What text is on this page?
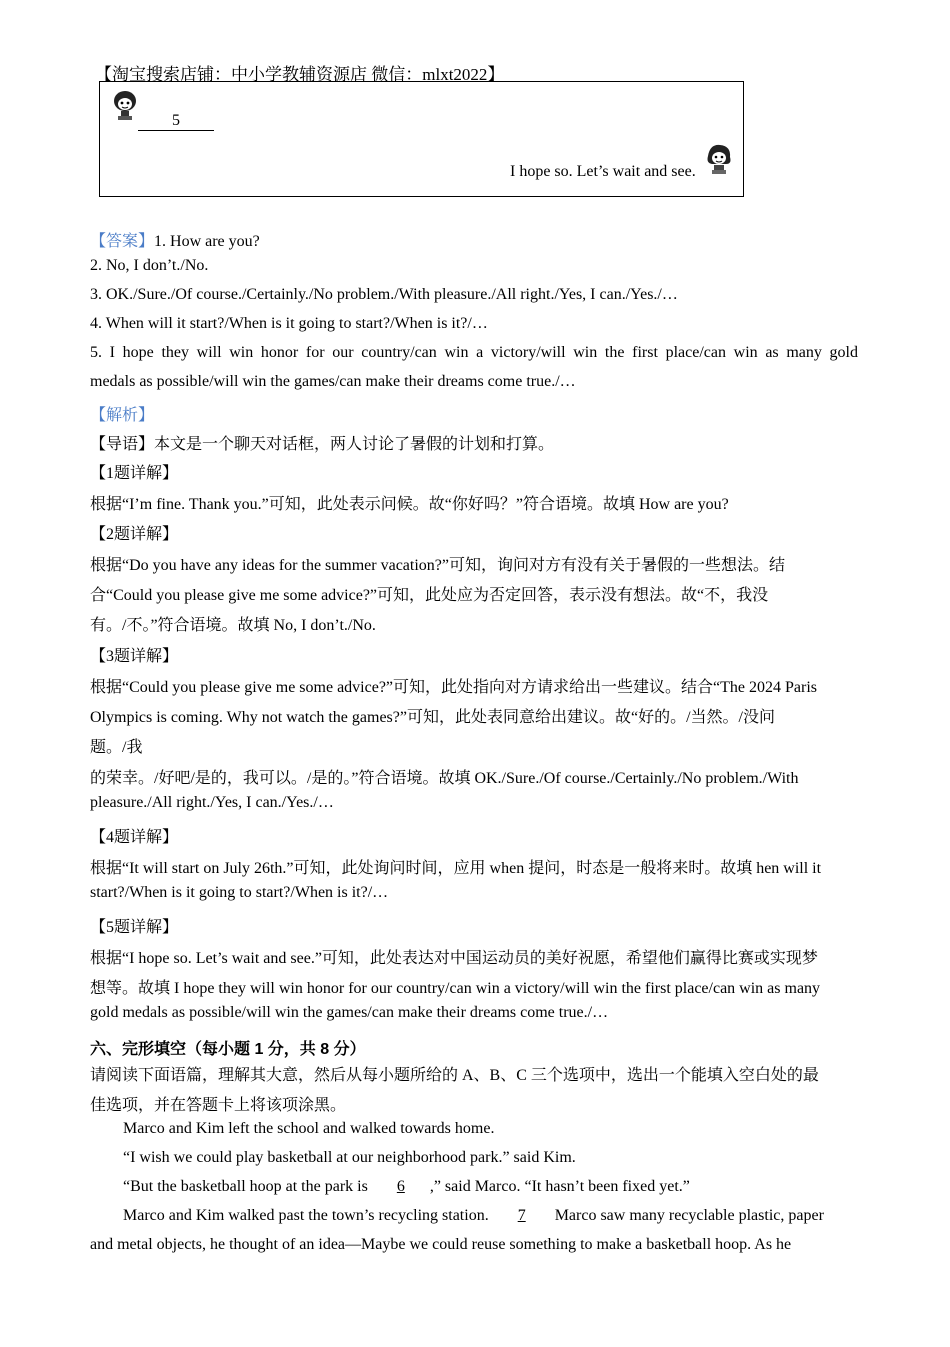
【淘宝搜索店铺：中小学教辅资源店 微信：mlxt2022】
5
I hope so. Let’s wait and see.
【答案】1. How are you?
2. No, I don’t./No.
3. OK./Sure./Of course./Certainly./No problem./With pleasure./All right./Yes, I can./Yes./…
4. When will it start?/When is it going to start?/When is it?/…
5. I hope they will win honor for our country/can win a victory/will win the first place/can win as many gold
medals as possible/will win the games/can make their dreams come true./…
【解析】
【导语】本文是一个聊天对话框，两人讨论了暑假的计划和打算。
【1题详解】
根据“I’m fine. Thank you.”可知，此处表示问候。故“你好吗？”符合语境。故填 How are you?
【2题详解】
根据“Do you have any ideas for the summer vacation?”可知，询问对方有没有关于暑假的一些想法。结
合“Could you please give me some advice?”可知，此处应为否定回答，表示没有想法。故“不，我没
有。/不。”符合语境。故填 No, I don’t./No.
【3题详解】
根据“Could you please give me some advice?”可知，此处指向对方请求给出一些建议。结合“The 2024 Paris
Olympics is coming. Why not watch the games?”可知，此处表同意给出建议。故“好的。/当然。/没问
题。/我
的荣幸。/好吧/是的，我可以。/是的。”符合语境。故填 OK./Sure./Of course./Certainly./No problem./With
pleasure./All right./Yes, I can./Yes./…
【4题详解】
根据“It will start on July 26th.”可知，此处询问时间，应用 when 提问，时态是一般将来时。故填 hen will it
start?/When is it going to start?/When is it?/…
【5题详解】
根据“I hope so. Let’s wait and see.”可知，此处表达对中国运动员的美好祝愿，希望他们赢得比赛或实现梦
想等。故填 I hope they will win honor for our country/can win a victory/will win the first place/can win as many
gold medals as possible/will win the games/can make their dreams come true./…
六、完形填空（每小题 1 分，共 8 分）
请阅读下面语篇，理解其大意，然后从每小题所给的 A、B、C 三个选项中，选出一个能填入空白处的最
佳选项，并在答题卡上将该项涂黑。
Marco and Kim left the school and walked towards home.
“I wish we could play basketball at our neighborhood park.” said Kim.
“But the basketball hoop at the park is 6 ,” said Marco. “It hasn’t been fixed yet.”
Marco and Kim walked past the town’s recycling station. 7 Marco saw many recyclable plastic, paper
and metal objects, he thought of an idea—Maybe we could reuse something to make a basketball hoop. As he
